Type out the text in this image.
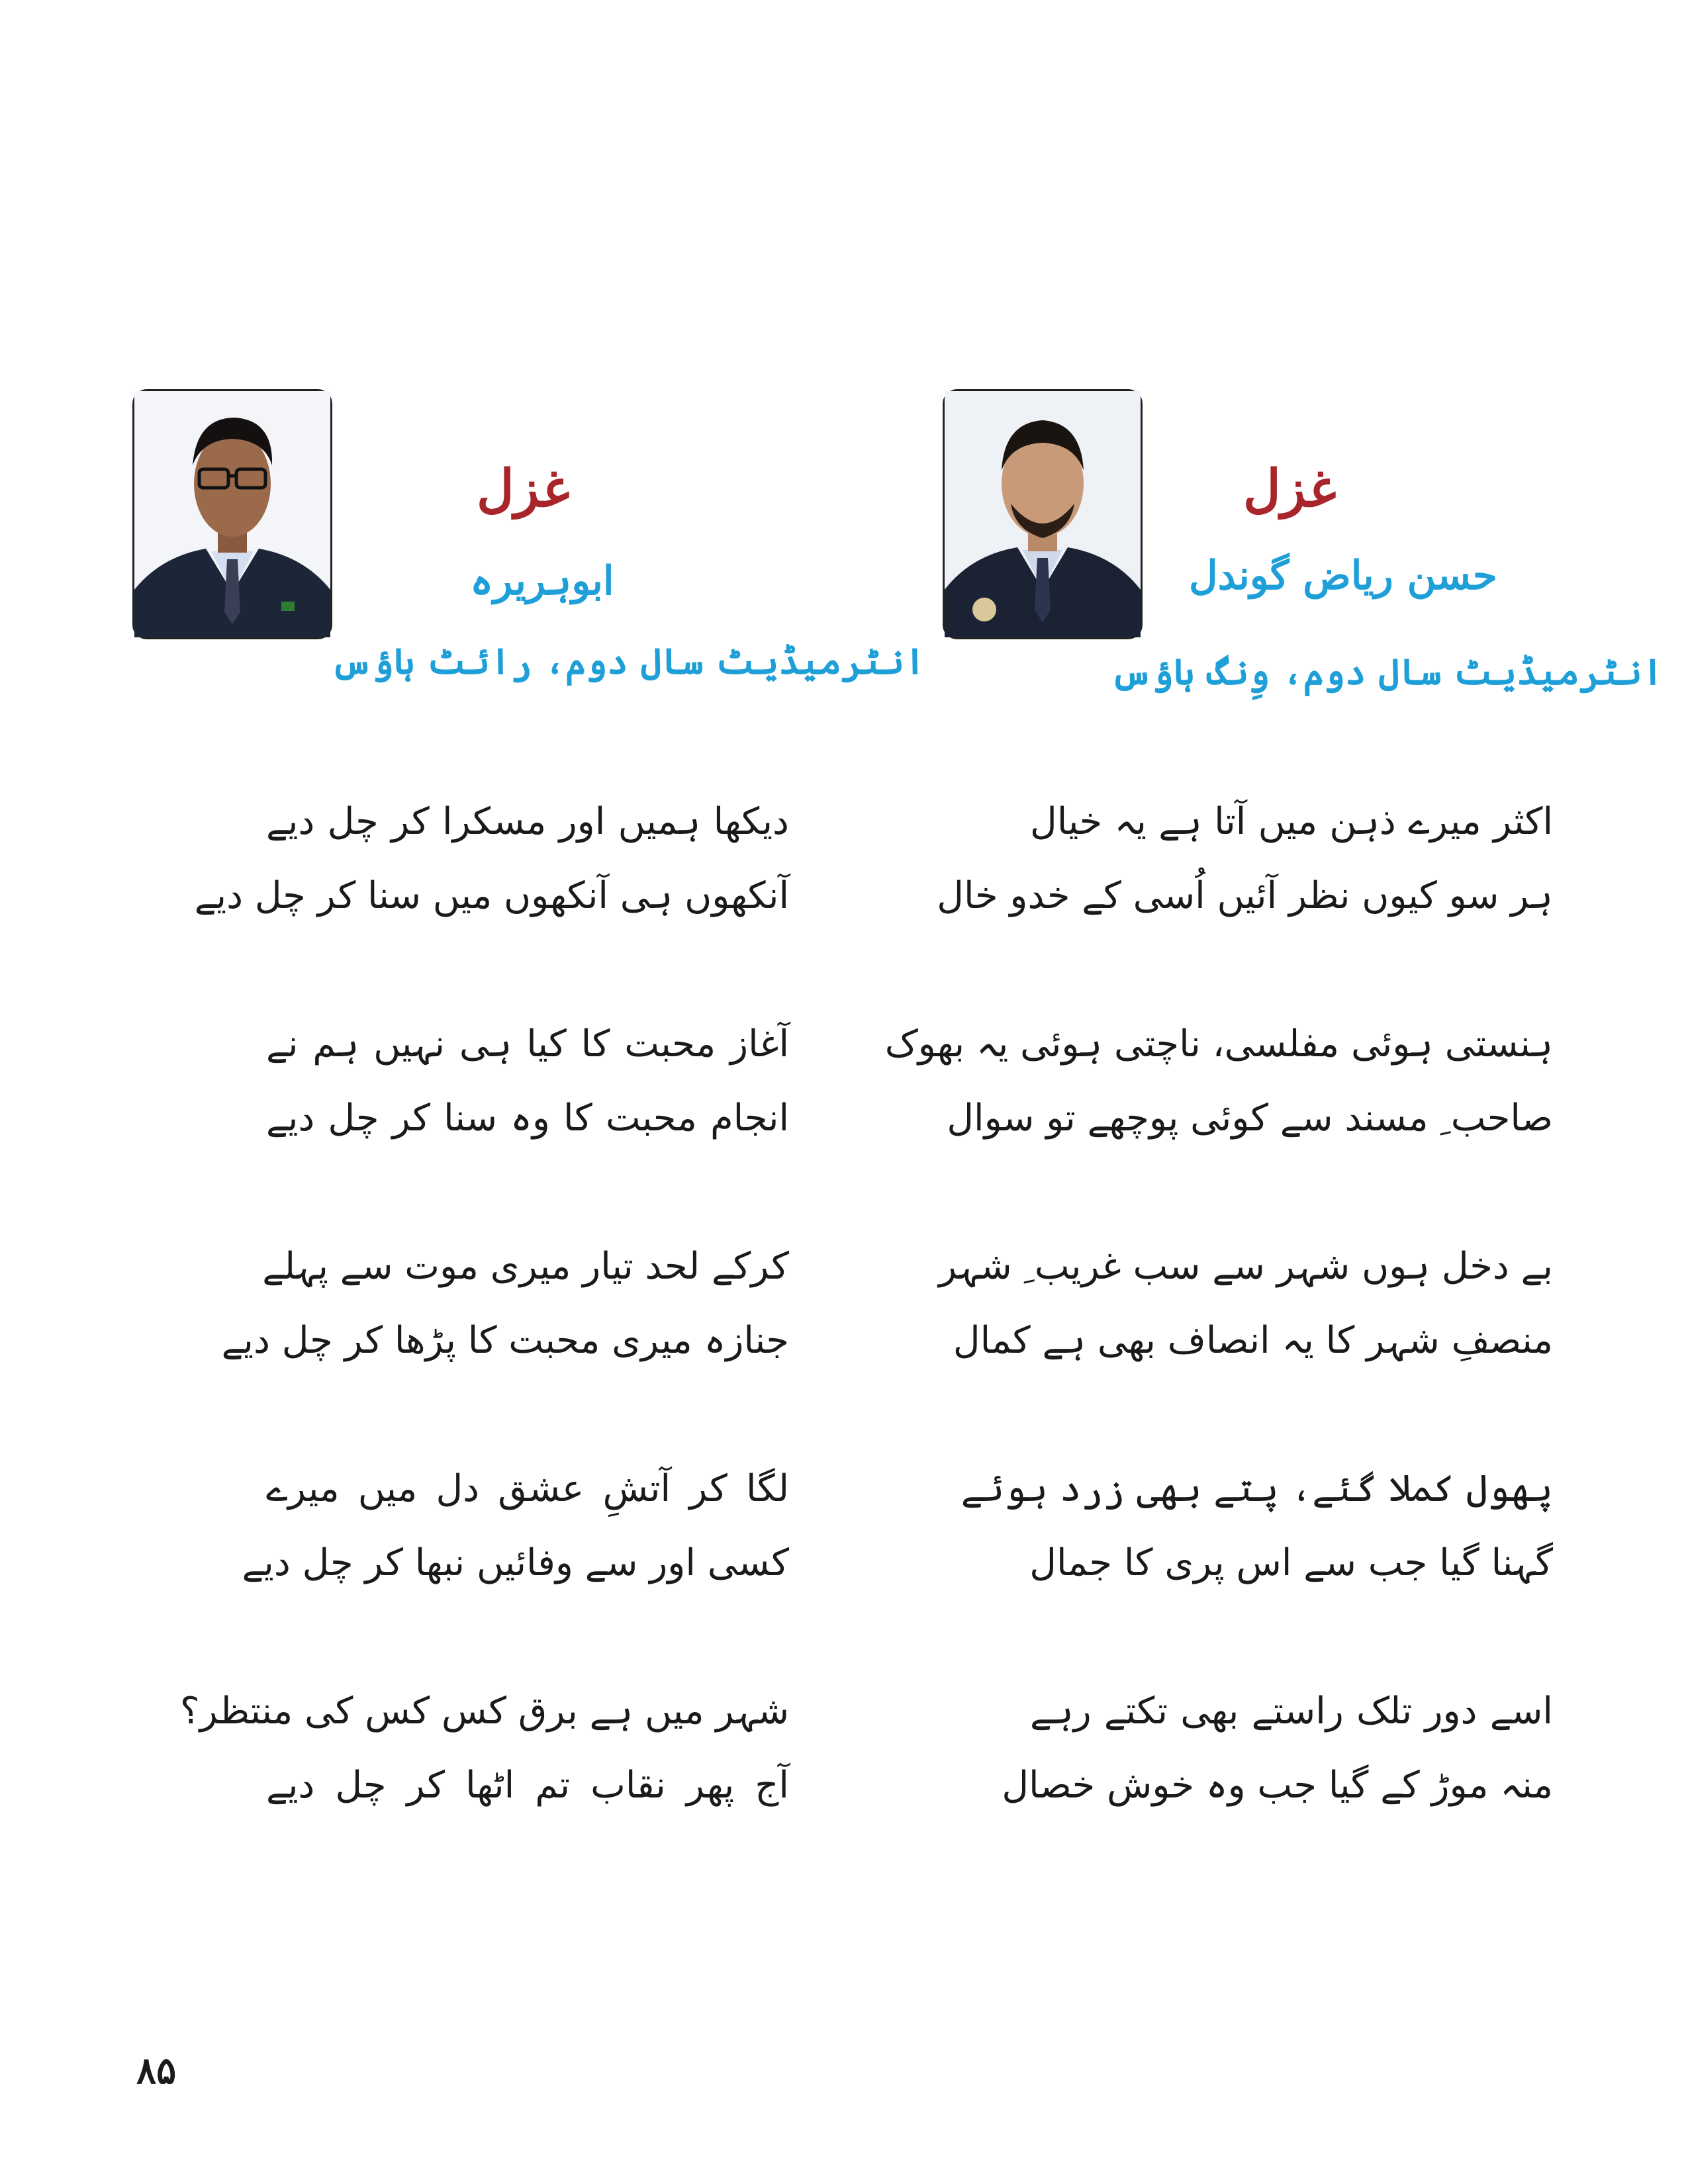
غزل
حسن ریاض گوندل
انٹرمیڈیٹ سال دوم، وِنگ ہاؤس
اکثر میرے ذہن میں آتا ہے یہ خیال
ہر سو کیوں نظر آئیں اُسی کے خدو خال
ہنستی ہوئی مفلسی، ناچتی ہوئی یہ بھوک
صاحب ِ مسند سے کوئی پوچھے تو سوال
بے دخل ہوں شہر سے سب غریب ِ شہر
منصفِ شہر کا یہ انصاف بھی ہے کمال
پھول کملا گئے، پتے بھی زرد ہوئے
گہنا گیا جب سے اس پری کا جمال
اسے دور تلک راستے بھی تکتے رہے
منہ موڑ کے گیا جب وہ خوش خصال
غزل
ابوہریرہ
انٹرمیڈیٹ سال دوم، رائٹ ہاؤس
دیکھا ہمیں اور مسکرا کر چل دیے
آنکھوں ہی آنکھوں میں سنا کر چل دیے
آغاز محبت کا کیا ہی نہیں ہم نے
انجام محبت کا وہ سنا کر چل دیے
کرکے لحد تیار میری موت سے پہلے
جنازہ میری محبت کا پڑھا کر چل دیے
لگا کر آتشِ عشق دل میں میرے
کسی اور سے وفائیں نبھا کر چل دیے
شہر میں ہے برق کس کس کی منتظر؟
آج پھر نقاب تم اٹھا کر چل دیے
۸۵
